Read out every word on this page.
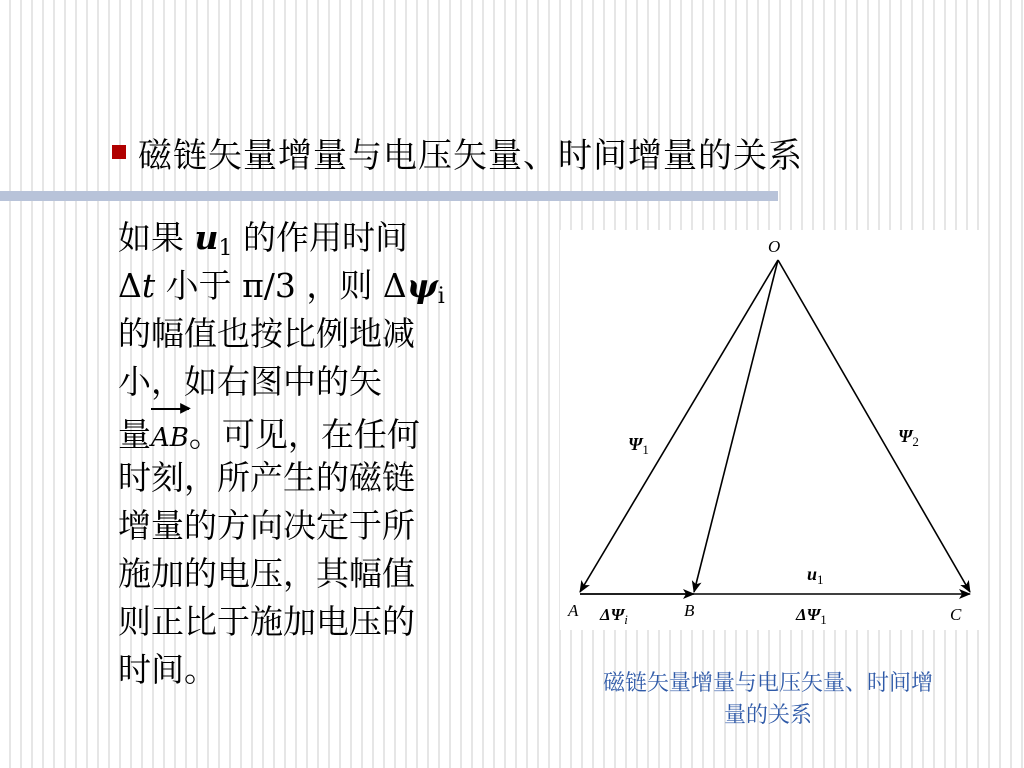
磁链矢量增量与电压矢量、时间增量的关系
如果 $u_1$ 的作用时间
Δt 小于 π/3 ，则 $\Delta\psi_i$
的幅值也按比例地减
小，如右图中的矢
量
▶
AB。可见，在任何
时刻，所产生的磁链
增量的方向决定于所
施加的电压，其幅值
则正比于施加电压的
时间。
O
A	B	C
$\Psi_1$
$\Psi_2$
$u_1$
$\Delta\Psi_i$	$\Delta\Psi_1$
磁链矢量增量与电压矢量、时间增
量的关系
